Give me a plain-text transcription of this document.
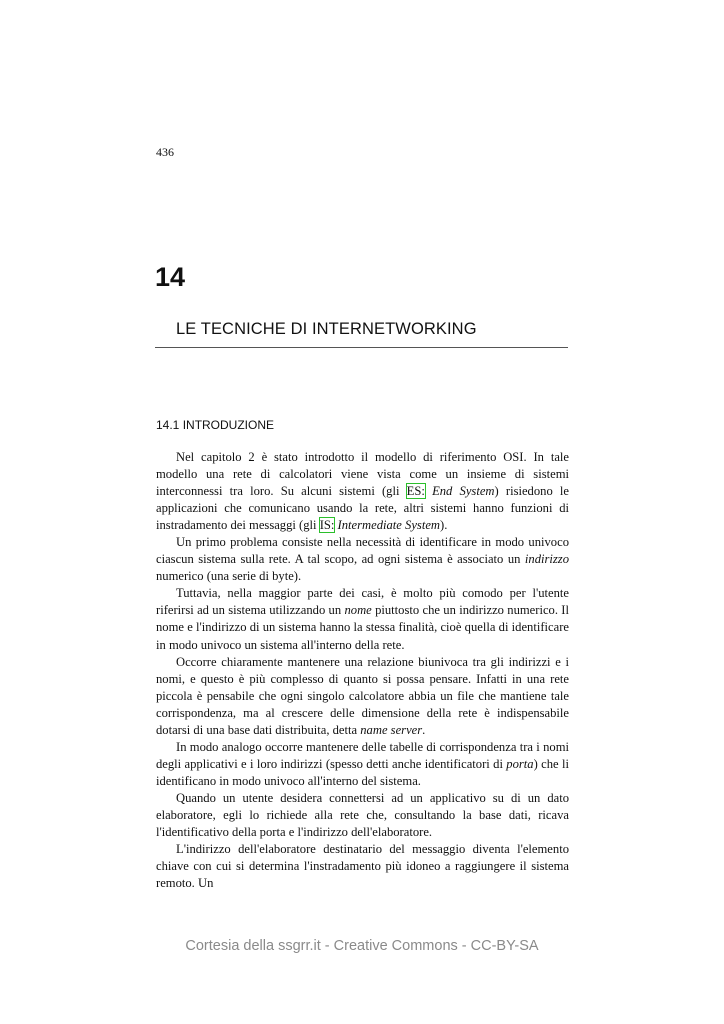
436
14
LE TECNICHE DI INTERNETWORKING
14.1 INTRODUZIONE

Nel capitolo 2 è stato introdotto il modello di riferimento OSI. In tale modello una rete di calcolatori viene vista come un insieme di sistemi interconnessi tra loro. Su alcuni sistemi (gli ES: End System) risiedono le applicazioni che comunicano usando la rete, altri sistemi hanno funzioni di instradamento dei messaggi (gli IS: Intermediate System).

Un primo problema consiste nella necessità di identificare in modo univoco ciascun sistema sulla rete. A tal scopo, ad ogni sistema è associato un indirizzo numerico (una serie di byte).

Tuttavia, nella maggior parte dei casi, è molto più comodo per l'utente riferirsi ad un sistema utilizzando un nome piuttosto che un indirizzo numerico. Il nome e l'indirizzo di un sistema hanno la stessa finalità, cioè quella di identificare in modo univoco un sistema all'interno della rete.

Occorre chiaramente mantenere una relazione biunivoca tra gli indirizzi e i nomi, e questo è più complesso di quanto si possa pensare. Infatti in una rete piccola è pensabile che ogni singolo calcolatore abbia un file che mantiene tale corrispondenza, ma al crescere delle dimensione della rete è indispensabile dotarsi di una base dati distribuita, detta name server.

In modo analogo occorre mantenere delle tabelle di corrispondenza tra i nomi degli applicativi e i loro indirizzi (spesso detti anche identificatori di porta) che li identificano in modo univoco all'interno del sistema.

Quando un utente desidera connettersi ad un applicativo su di un dato elaboratore, egli lo richiede alla rete che, consultando la base dati, ricava l'identificativo della porta e l'indirizzo dell'elaboratore.

L'indirizzo dell'elaboratore destinatario del messaggio diventa l'elemento chiave con cui si determina l'instradamento più idoneo a raggiungere il sistema remoto. Un

Cortesia della ssgrr.it - Creative Commons - CC-BY-SA
